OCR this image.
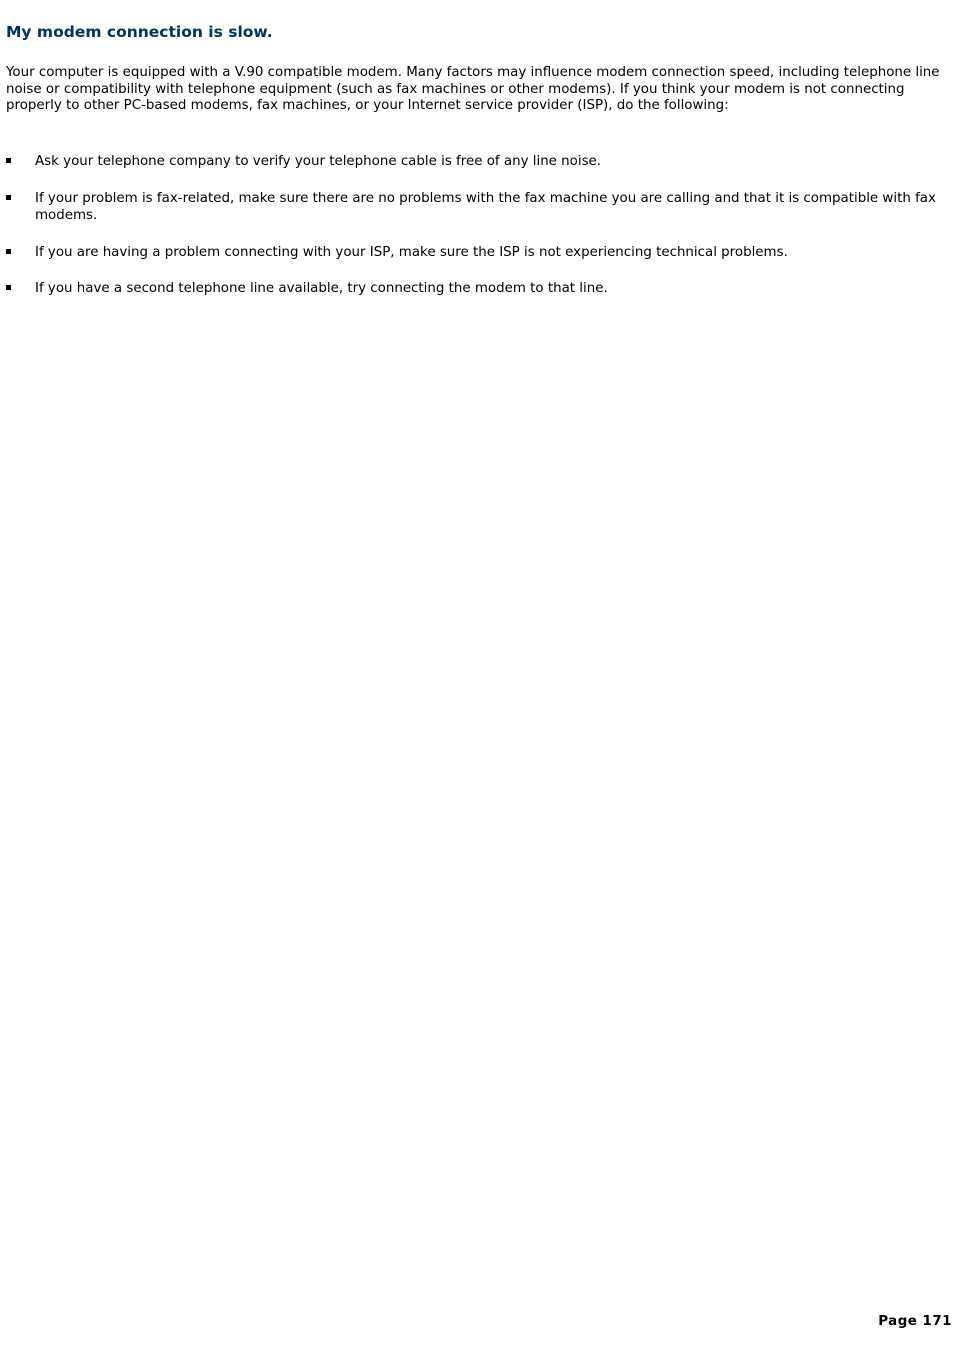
My modem connection is slow.

Your computer is equipped with a V.90 compatible modem. Many factors may influence modem connection speed, including telephone line noise or compatibility with telephone equipment (such as fax machines or other modems). If you think your modem is not connecting properly to other PC-based modems, fax machines, or your Internet service provider (ISP), do the following:

Ask your telephone company to verify your telephone cable is free of any line noise.
If your problem is fax-related, make sure there are no problems with the fax machine you are calling and that it is compatible with fax modems.
If you are having a problem connecting with your ISP, make sure the ISP is not experiencing technical problems.
If you have a second telephone line available, try connecting the modem to that line.
Page 171
